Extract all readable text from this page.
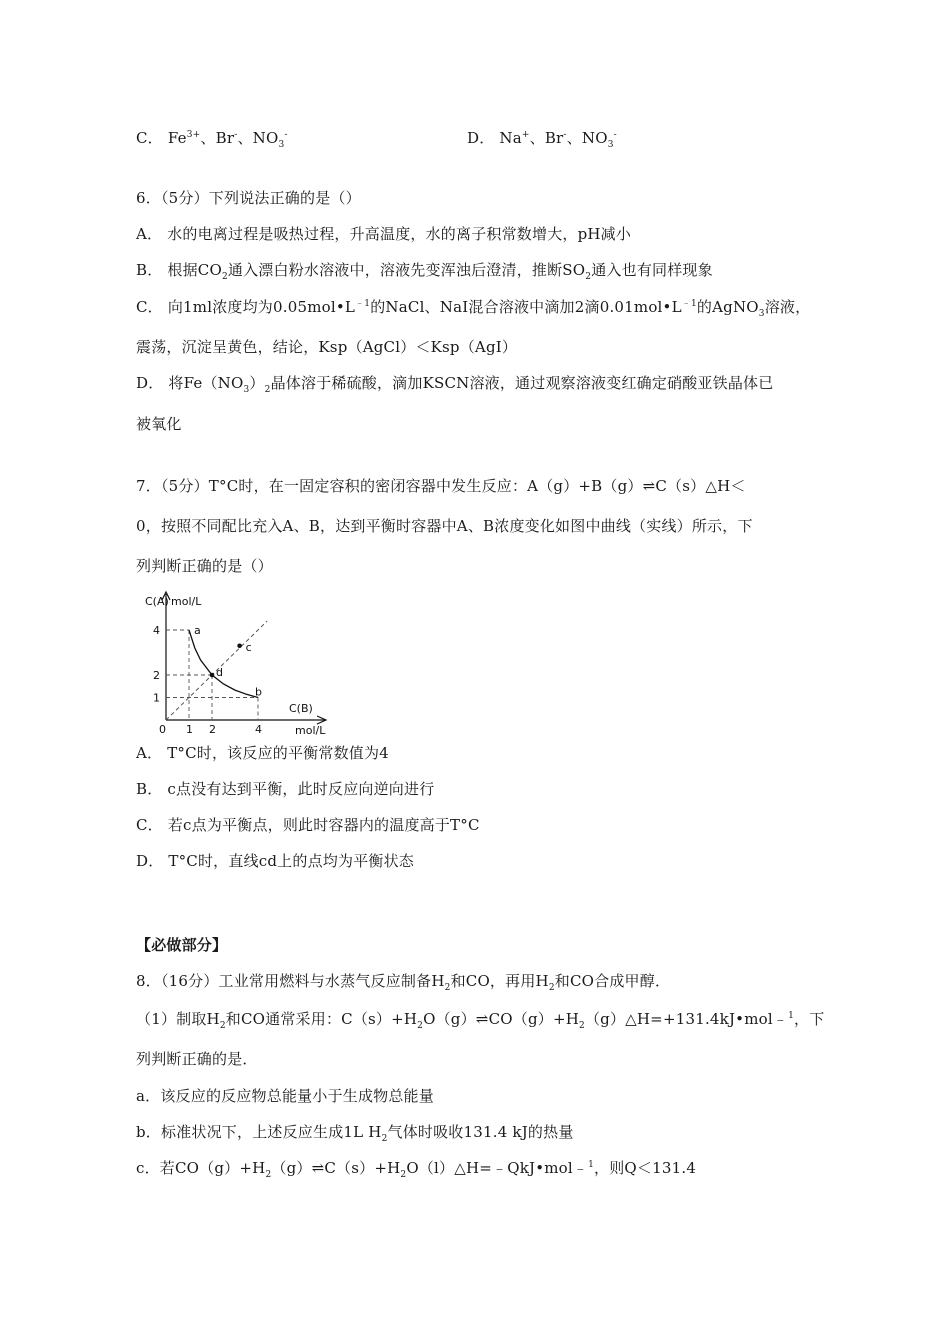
C． $Fe^{3+}$、Br-、$NO_3^-$	D． Na+、Br-、$NO_3^-$
6．（5分）下列说法正确的是（）
A． 水的电离过程是吸热过程，升高温度，水的离子积常数增大，pH减小
B． 根据$CO_2$通入漂白粉水溶液中，溶液先变浑浊后澄清，推断$SO_2$通入也有同样现象
C． 向1ml浓度均为$0.05mol•L^{﹣1}$的NaCl、NaI混合溶液中滴加2滴$0.01mol•L^{﹣1}$的AgNO$_3$溶液，
震荡，沉淀呈黄色，结论，Ksp（AgCl）＜Ksp（AgI）
D． 将$Fe(NO_3)_2$晶体溶于稀硫酸，滴加KSCN溶液，通过观察溶液变红确定硝酸亚铁晶体已
被氧化
7．（5分）T°C时，在一固定容积的密闭容器中发生反应：A（g）+B（g）⇌C（s）△H＜
0，按照不同配比充入A、B，达到平衡时容器中A、B浓度变化如图中曲线（实线）所示，下
列判断正确的是（）
C(A) mol/L
C(B)
mol/L
0 1 2	4
1
2
4	a
d
b
c
A． T°C时，该反应的平衡常数值为4
B． c点没有达到平衡，此时反应向逆向进行
C． 若c点为平衡点，则此时容器内的温度高于T°C
D． T°C时，直线cd上的点均为平衡状态
【必做部分】
8．（16分）工业常用燃料与水蒸气反应制备$H_2$和CO，再用$H_2$和CO合成甲醇．
（1）制取$H_2$和CO通常采用：$C(s)+H_2O(g)\rightleftharpoons CO(g)+H_2(g)\triangle H=+131.4kJ•mol﹣^1$，下
列判断正确的是．
a．该反应的反应物总能量小于生成物总能量
b．标准状况下，上述反应生成1L $H_2$气体时吸收131.4 kJ的热量
c．若$CO(g)+H_2(g)\rightleftharpoons C(s)+H_2O(l)\triangle H=﹣QkJ•mol﹣^1$，则Q＜131.4
